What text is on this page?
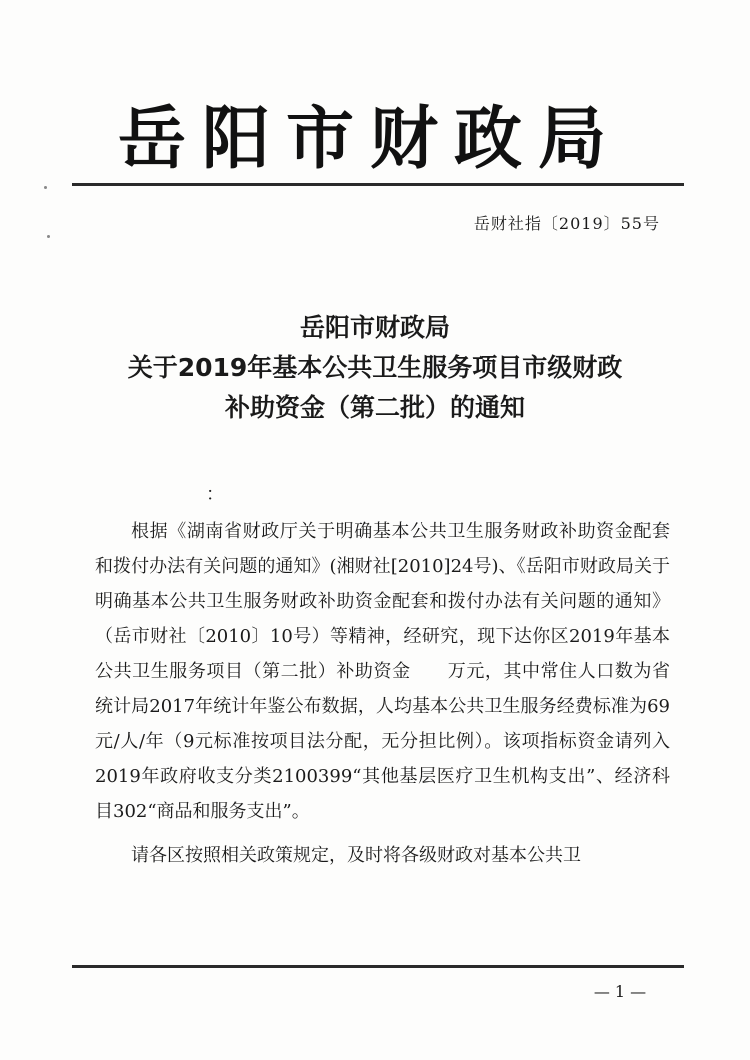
岳阳市财政局
岳财社指〔2019〕55号
岳阳市财政局
关于2019年基本公共卫生服务项目市级财政
补助资金（第二批）的通知
：

根据《湖南省财政厅关于明确基本公共卫生服务财政补助资金配套和拨付办法有关问题的通知》(湘财社[2010]24号)、《岳阳市财政局关于明确基本公共卫生服务财政补助资金配套和拨付办法有关问题的通知》（岳市财社〔2010〕10号）等精神，经研究，现下达你区2019年基本公共卫生服务项目（第二批）补助资金　　万元，其中常住人口数为省统计局2017年统计年鉴公布数据，人均基本公共卫生服务经费标准为69元/人/年（9元标准按项目法分配，无分担比例）。该项指标资金请列入2019年政府收支分类2100399“其他基层医疗卫生机构支出”、经济科目302“商品和服务支出”。

请各区按照相关政策规定，及时将各级财政对基本公共卫

— 1 —
